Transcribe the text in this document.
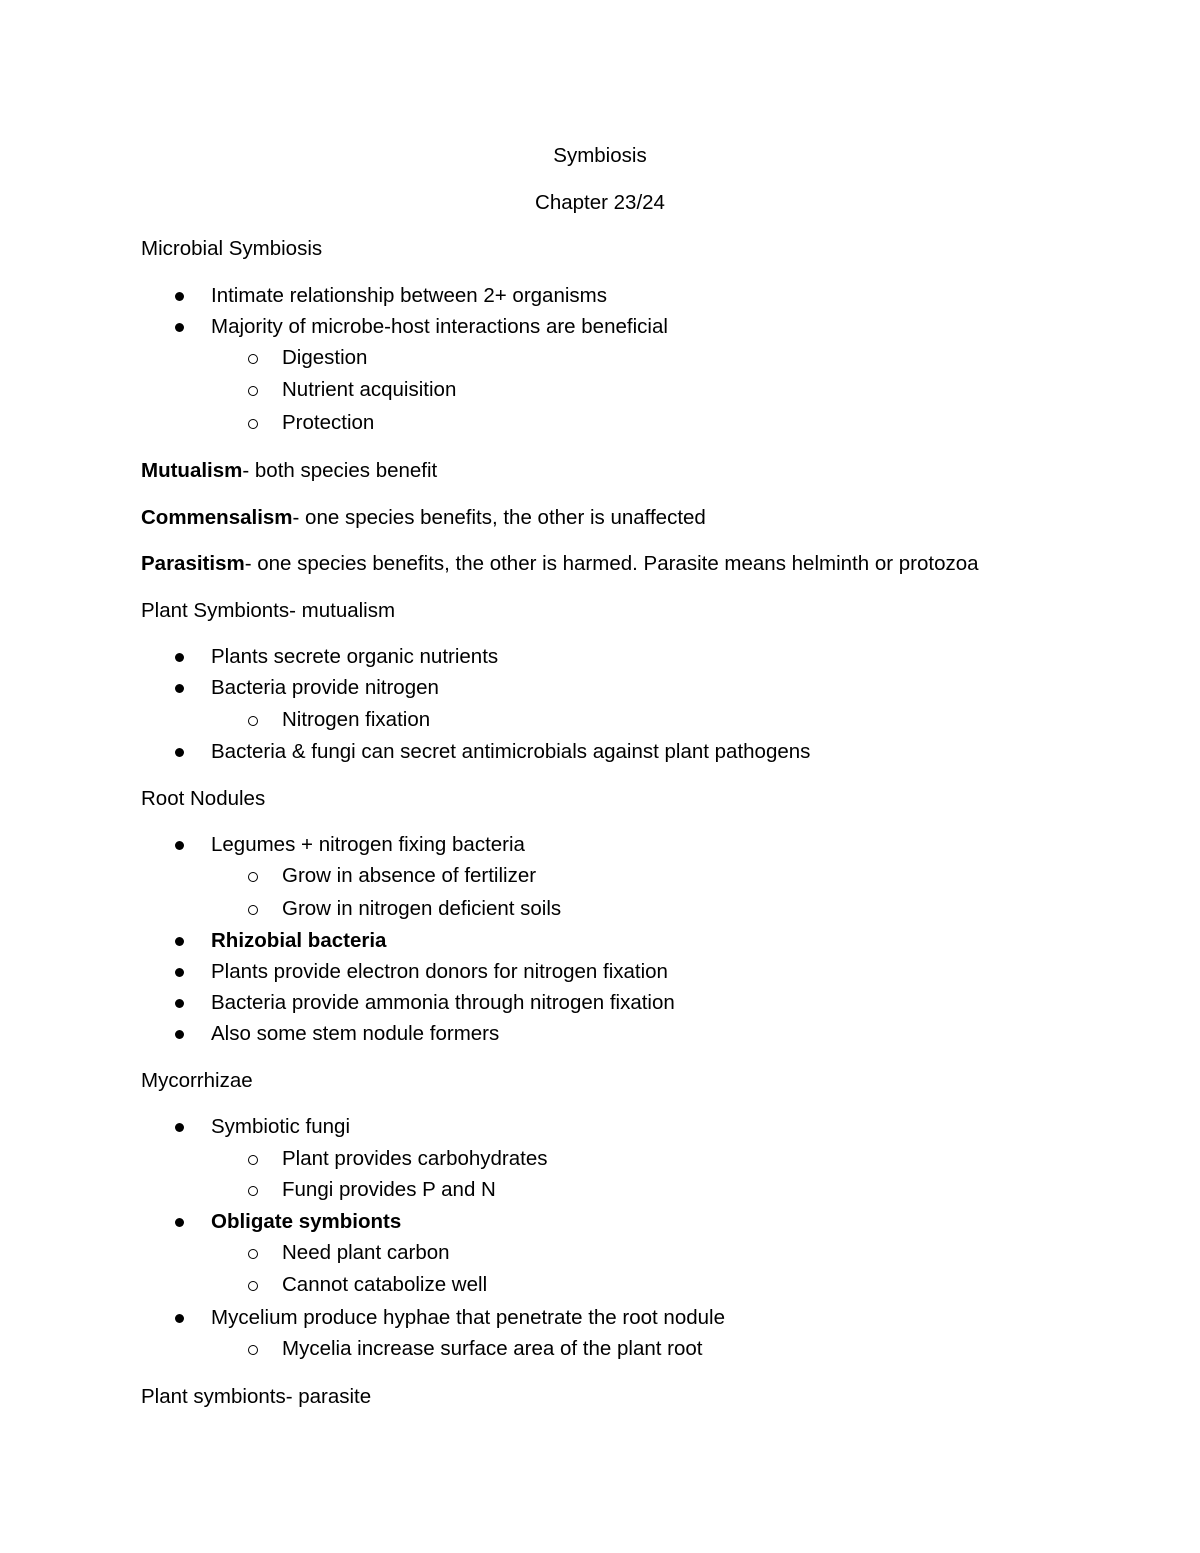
Symbiosis
Chapter 23/24
Microbial Symbiosis
Intimate relationship between 2+ organisms
Majority of microbe-host interactions are beneficial
Digestion
Nutrient acquisition
Protection
Mutualism- both species benefit
Commensalism- one species benefits, the other is unaffected
Parasitism- one species benefits, the other is harmed. Parasite means helminth or protozoa
Plant Symbionts- mutualism
Plants secrete organic nutrients
Bacteria provide nitrogen
Nitrogen fixation
Bacteria & fungi can secret antimicrobials against plant pathogens
Root Nodules
Legumes + nitrogen fixing bacteria
Grow in absence of fertilizer
Grow in nitrogen deficient soils
Rhizobial bacteria
Plants provide electron donors for nitrogen fixation
Bacteria provide ammonia through nitrogen fixation
Also some stem nodule formers
Mycorrhizae
Symbiotic fungi
Plant provides carbohydrates
Fungi provides P and N
Obligate symbionts
Need plant carbon
Cannot catabolize well
Mycelium produce hyphae that penetrate the root nodule
Mycelia increase surface area of the plant root
Plant symbionts- parasite
